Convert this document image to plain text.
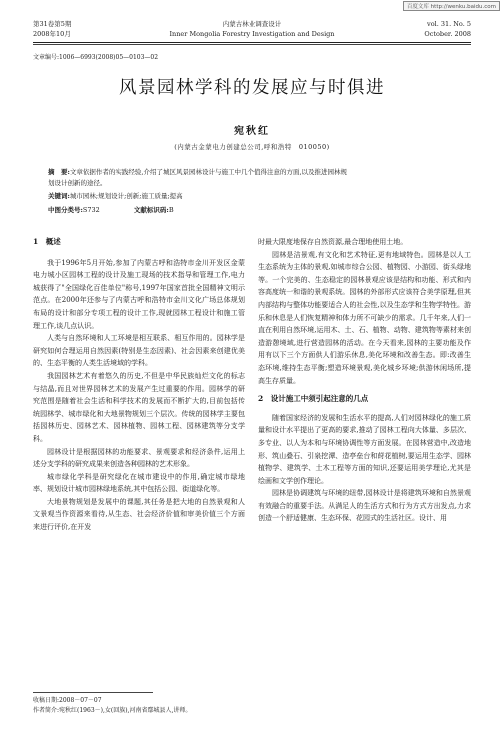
百度文库 http://wenku.baidu.com
第31卷第5期
2008年10月
内蒙古林业调查设计
Inner Mongolia Forestry Investigation and Design
vol. 31. No. 5
October. 2008
文章编号:1006—6993(2008)05—0103—02
风景园林学科的发展应与时俱进
宛秋红
(内蒙古金蒙电力创建总公司,呼和浩特　010050)
摘　要:文章依据作者的实践经验,介绍了城区风景园林设计与施工中几个值得注意的方面,以及推进园林规
划设计创新的途径。
关键词:城市园林;规划设计;创新;施工质量;提高
中图分类号:S732	文献标识码:B
1　概述

我于1996年5月开始,参加了内蒙古呼和浩特市金川开发区金蒙电力城小区园林工程的设计及施工现场的技术指导和管理工作,电力城获得了"全国绿化百佳单位"称号,1997年国家首批全国精神文明示范点。在2000年还参与了内蒙古呼和浩特市金川文化广场总体规划布局的设计和部分专项工程的设计工作,现就园林工程设计和施工管理工作,谈几点认识。

人类与自然环境和人工环境是相互联系、相互作用的。园林学是研究如何合理运用自然因素(特别是生态因素)、社会因素来创建优美的、生态平衡的人类生活境域的学科。

我国园林艺术有着悠久的历史,不但是中华民族灿烂文化的标志与结晶,而且对世界园林艺术的发展产生过重要的作用。园林学的研究范围是随着社会生活和科学技术的发展而不断扩大的,目前包括传统园林学、城市绿化和大地景物规划三个层次。传统的园林学主要包括园林历史、园林艺术、园林植物、园林工程、园林建筑等分支学科。

园林设计是根据园林的功能要求、景观要求和经济条件,运用上述分支学科的研究成果来创造各种园林的艺术形象。

城市绿化学科是研究绿化在城市建设中的作用,确定城市绿地率、规划设计城市园林绿地系统,其中包括公园、街道绿化等。

大地景物规划是发展中的课题,其任务是把大地的自然景观和人文景观当作资源来看待,从生态、社会经济价值和审美价值三个方面来进行评价,在开发

时最大限度地保存自然资源,最合理地使用土地。

园林是洁景观,有文化和艺术特征,更有地域特色。园林是以人工生态系统为主体的景观,如城市综合公园、植物园、小游园、街头绿地等。一个完美的、生态稳定的园林景观应该是结构和功能、形式和内容高度统一和谐的景观系统。园林的外部形式应该符合美学原理,但其内部结构与整体功能要适合人的社会性,以及生态学和生物学特性。游乐和休息是人们恢复精神和体力所不可缺少的需求。几千年来,人们一直在利用自然环境,运用木、土、石、植物、动物、建筑物等素材来创造游憩境域,进行营造园林的活动。在今天看来,园林的主要功能及作用有以下三个方面供人们游乐休息,美化环境和改善生态。即:改善生态环境,维持生态平衡;塑造环境景观,美化城乡环境;供游休闲场所,提高生存质量。

2　设计施工中须引起注意的几点

随着国家经济的发展和生活水平的提高,人们对园林绿化的施工质量和设计水平提出了更高的要求,推动了园林工程向大体量、多层次、多专业、以人为本和与环境协调性等方面发展。在园林营造中,改造地形、筑山叠石、引泉挖潭、造亭垒台和莳花植树,要运用生态学、园林植物学、建筑学、土木工程等方面的知识,还要运用美学理论,尤其是绘画和文学创作理论。

园林是协调建筑与环境的纽带,园林设计是将建筑环境和自然景观有效融合的重要手法。从满足人的生活方式和行为方式方出发点,力求创造一个舒适健康、生态环保、花园式的生活社区。设计、用

收稿日期:2008－07－07
作者简介:宛秋红(1963－),女(回族),河南省鄢城县人,讲师。
